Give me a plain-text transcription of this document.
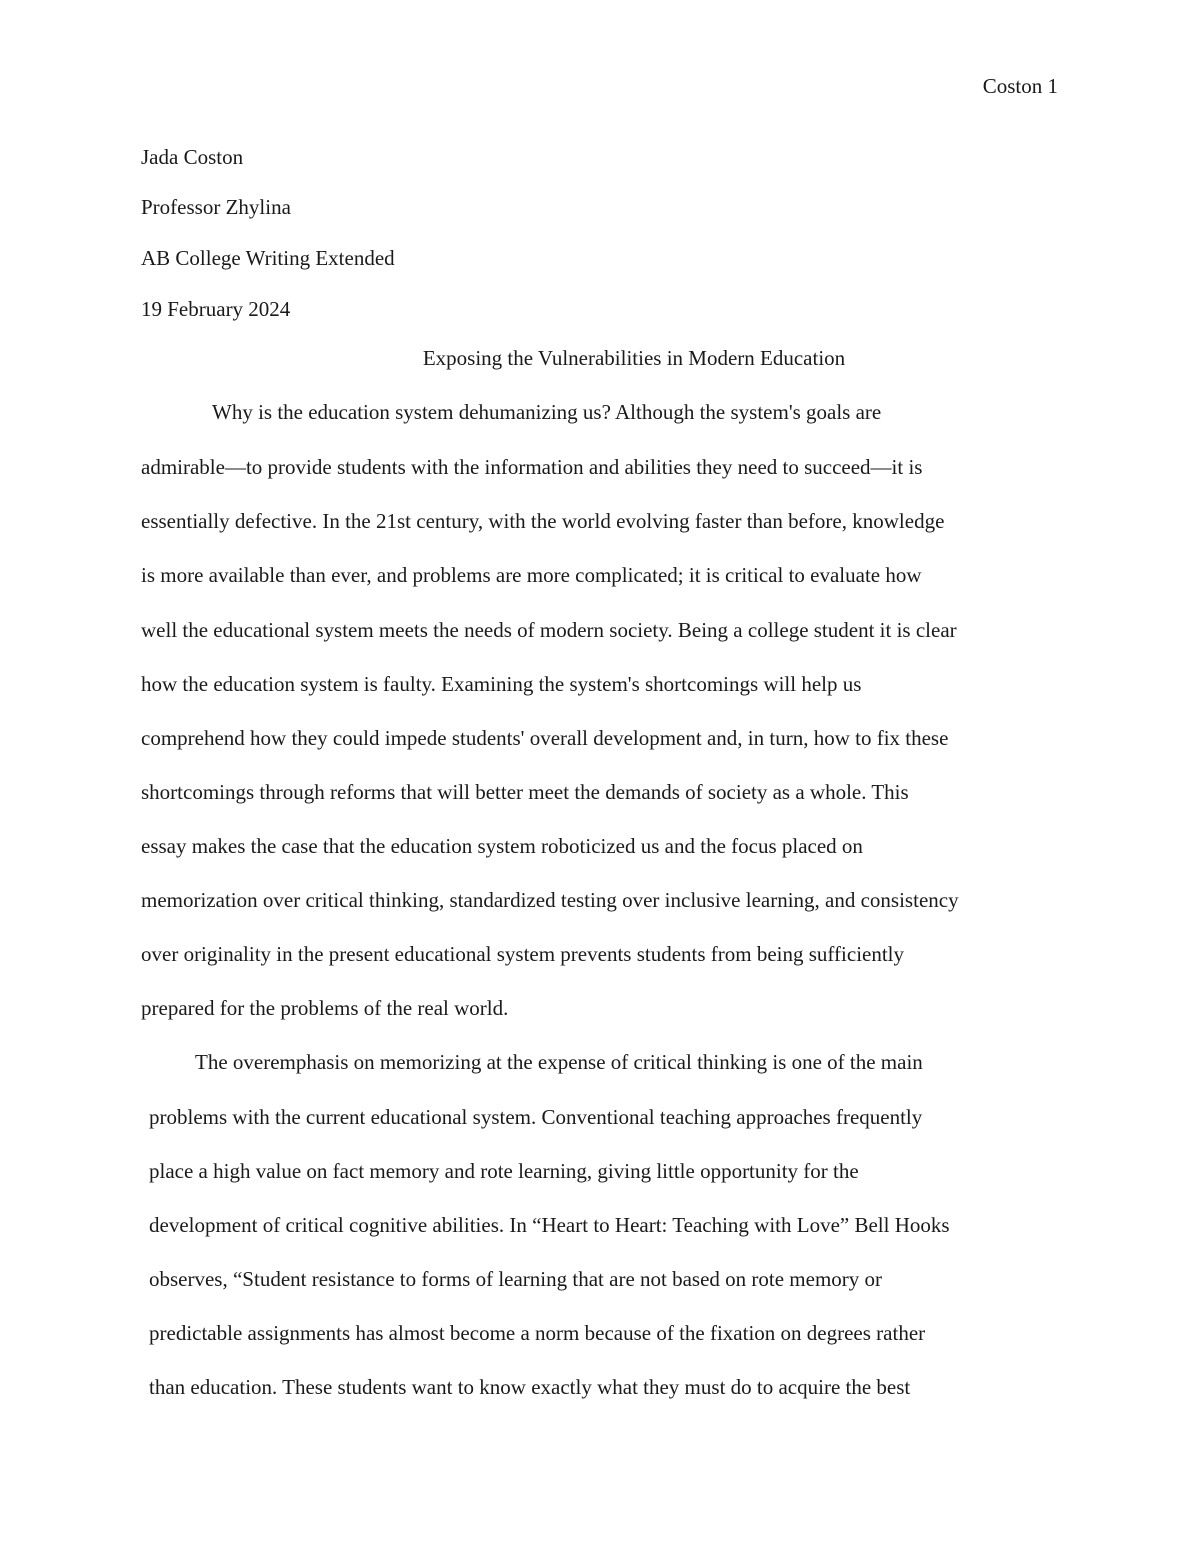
Coston 1
Jada Coston
Professor Zhylina
AB College Writing Extended
19 February 2024
Exposing the Vulnerabilities in Modern Education
Why is the education system dehumanizing us? Although the system's goals are
admirable—to provide students with the information and abilities they need to succeed—it is
essentially defective. In the 21st century, with the world evolving faster than before, knowledge
is more available than ever, and problems are more complicated; it is critical to evaluate how
well the educational system meets the needs of modern society. Being a college student it is clear
how the education system is faulty. Examining the system's shortcomings will help us
comprehend how they could impede students' overall development and, in turn, how to fix these
shortcomings through reforms that will better meet the demands of society as a whole. This
essay makes the case that the education system roboticized us and the focus placed on
memorization over critical thinking, standardized testing over inclusive learning, and consistency
over originality in the present educational system prevents students from being sufficiently
prepared for the problems of the real world.
The overemphasis on memorizing at the expense of critical thinking is one of the main
problems with the current educational system. Conventional teaching approaches frequently
place a high value on fact memory and rote learning, giving little opportunity for the
development of critical cognitive abilities. In “Heart to Heart: Teaching with Love” Bell Hooks
observes, “Student resistance to forms of learning that are not based on rote memory or
predictable assignments has almost become a norm because of the fixation on degrees rather
than education. These students want to know exactly what they must do to acquire the best
